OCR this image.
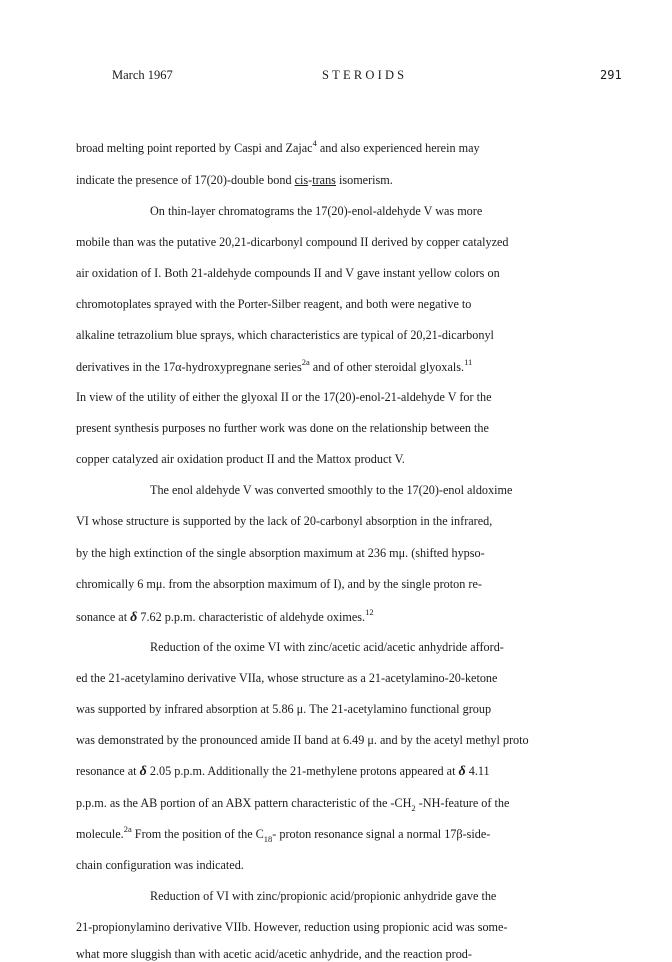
March 1967	STEROIDS	291
broad melting point reported by Caspi and Zajac$^4$ and also experienced herein may
indicate the presence of 17(20)-double bond cis-trans isomerism.
On thin-layer chromatograms the 17(20)-enol-aldehyde V was more
mobile than was the putative 20,21-dicarbonyl compound II derived by copper catalyzed
air oxidation of I. Both 21-aldehyde compounds II and V gave instant yellow colors on
chromotoplates sprayed with the Porter-Silber reagent, and both were negative to
alkaline tetrazolium blue sprays, which characteristics are typical of 20,21-dicarbonyl
derivatives in the 17α-hydroxypregnane series$^{2a}$ and of other steroidal glyoxals.$^{11}$
In view of the utility of either the glyoxal II or the 17(20)-enol-21-aldehyde V for the
present synthesis purposes no further work was done on the relationship between the
copper catalyzed air oxidation product II and the Mattox product V.
The enol aldehyde V was converted smoothly to the 17(20)-enol aldoxime
VI whose structure is supported by the lack of 20-carbonyl absorption in the infrared,
by the high extinction of the single absorption maximum at 236 mμ. (shifted hypso-
chromically 6 mμ. from the absorption maximum of I), and by the single proton re-
sonance at δ 7.62 p.p.m. characteristic of aldehyde oximes.$^{12}$
Reduction of the oxime VI with zinc/acetic acid/acetic anhydride afford-
ed the 21-acetylamino derivative VIIa, whose structure as a 21-acetylamino-20-ketone
was supported by infrared absorption at 5.86 μ. The 21-acetylamino functional group
was demonstrated by the pronounced amide II band at 6.49 μ. and by the acetyl methyl proto
resonance at δ 2.05 p.p.m. Additionally the 21-methylene protons appeared at δ 4.11
p.p.m. as the AB portion of an ABX pattern characteristic of the $-CH_2$ -NH-feature of the
molecule.$^{2a}$ From the position of the $C_{18}-$ proton resonance signal a normal 17β-side-
chain configuration was indicated.
Reduction of VI with zinc/propionic acid/propionic anhydride gave the
21-propionylamino derivative VIIb. However, reduction using propionic acid was some-
what more sluggish than with acetic acid/acetic anhydride, and the reaction prod-
